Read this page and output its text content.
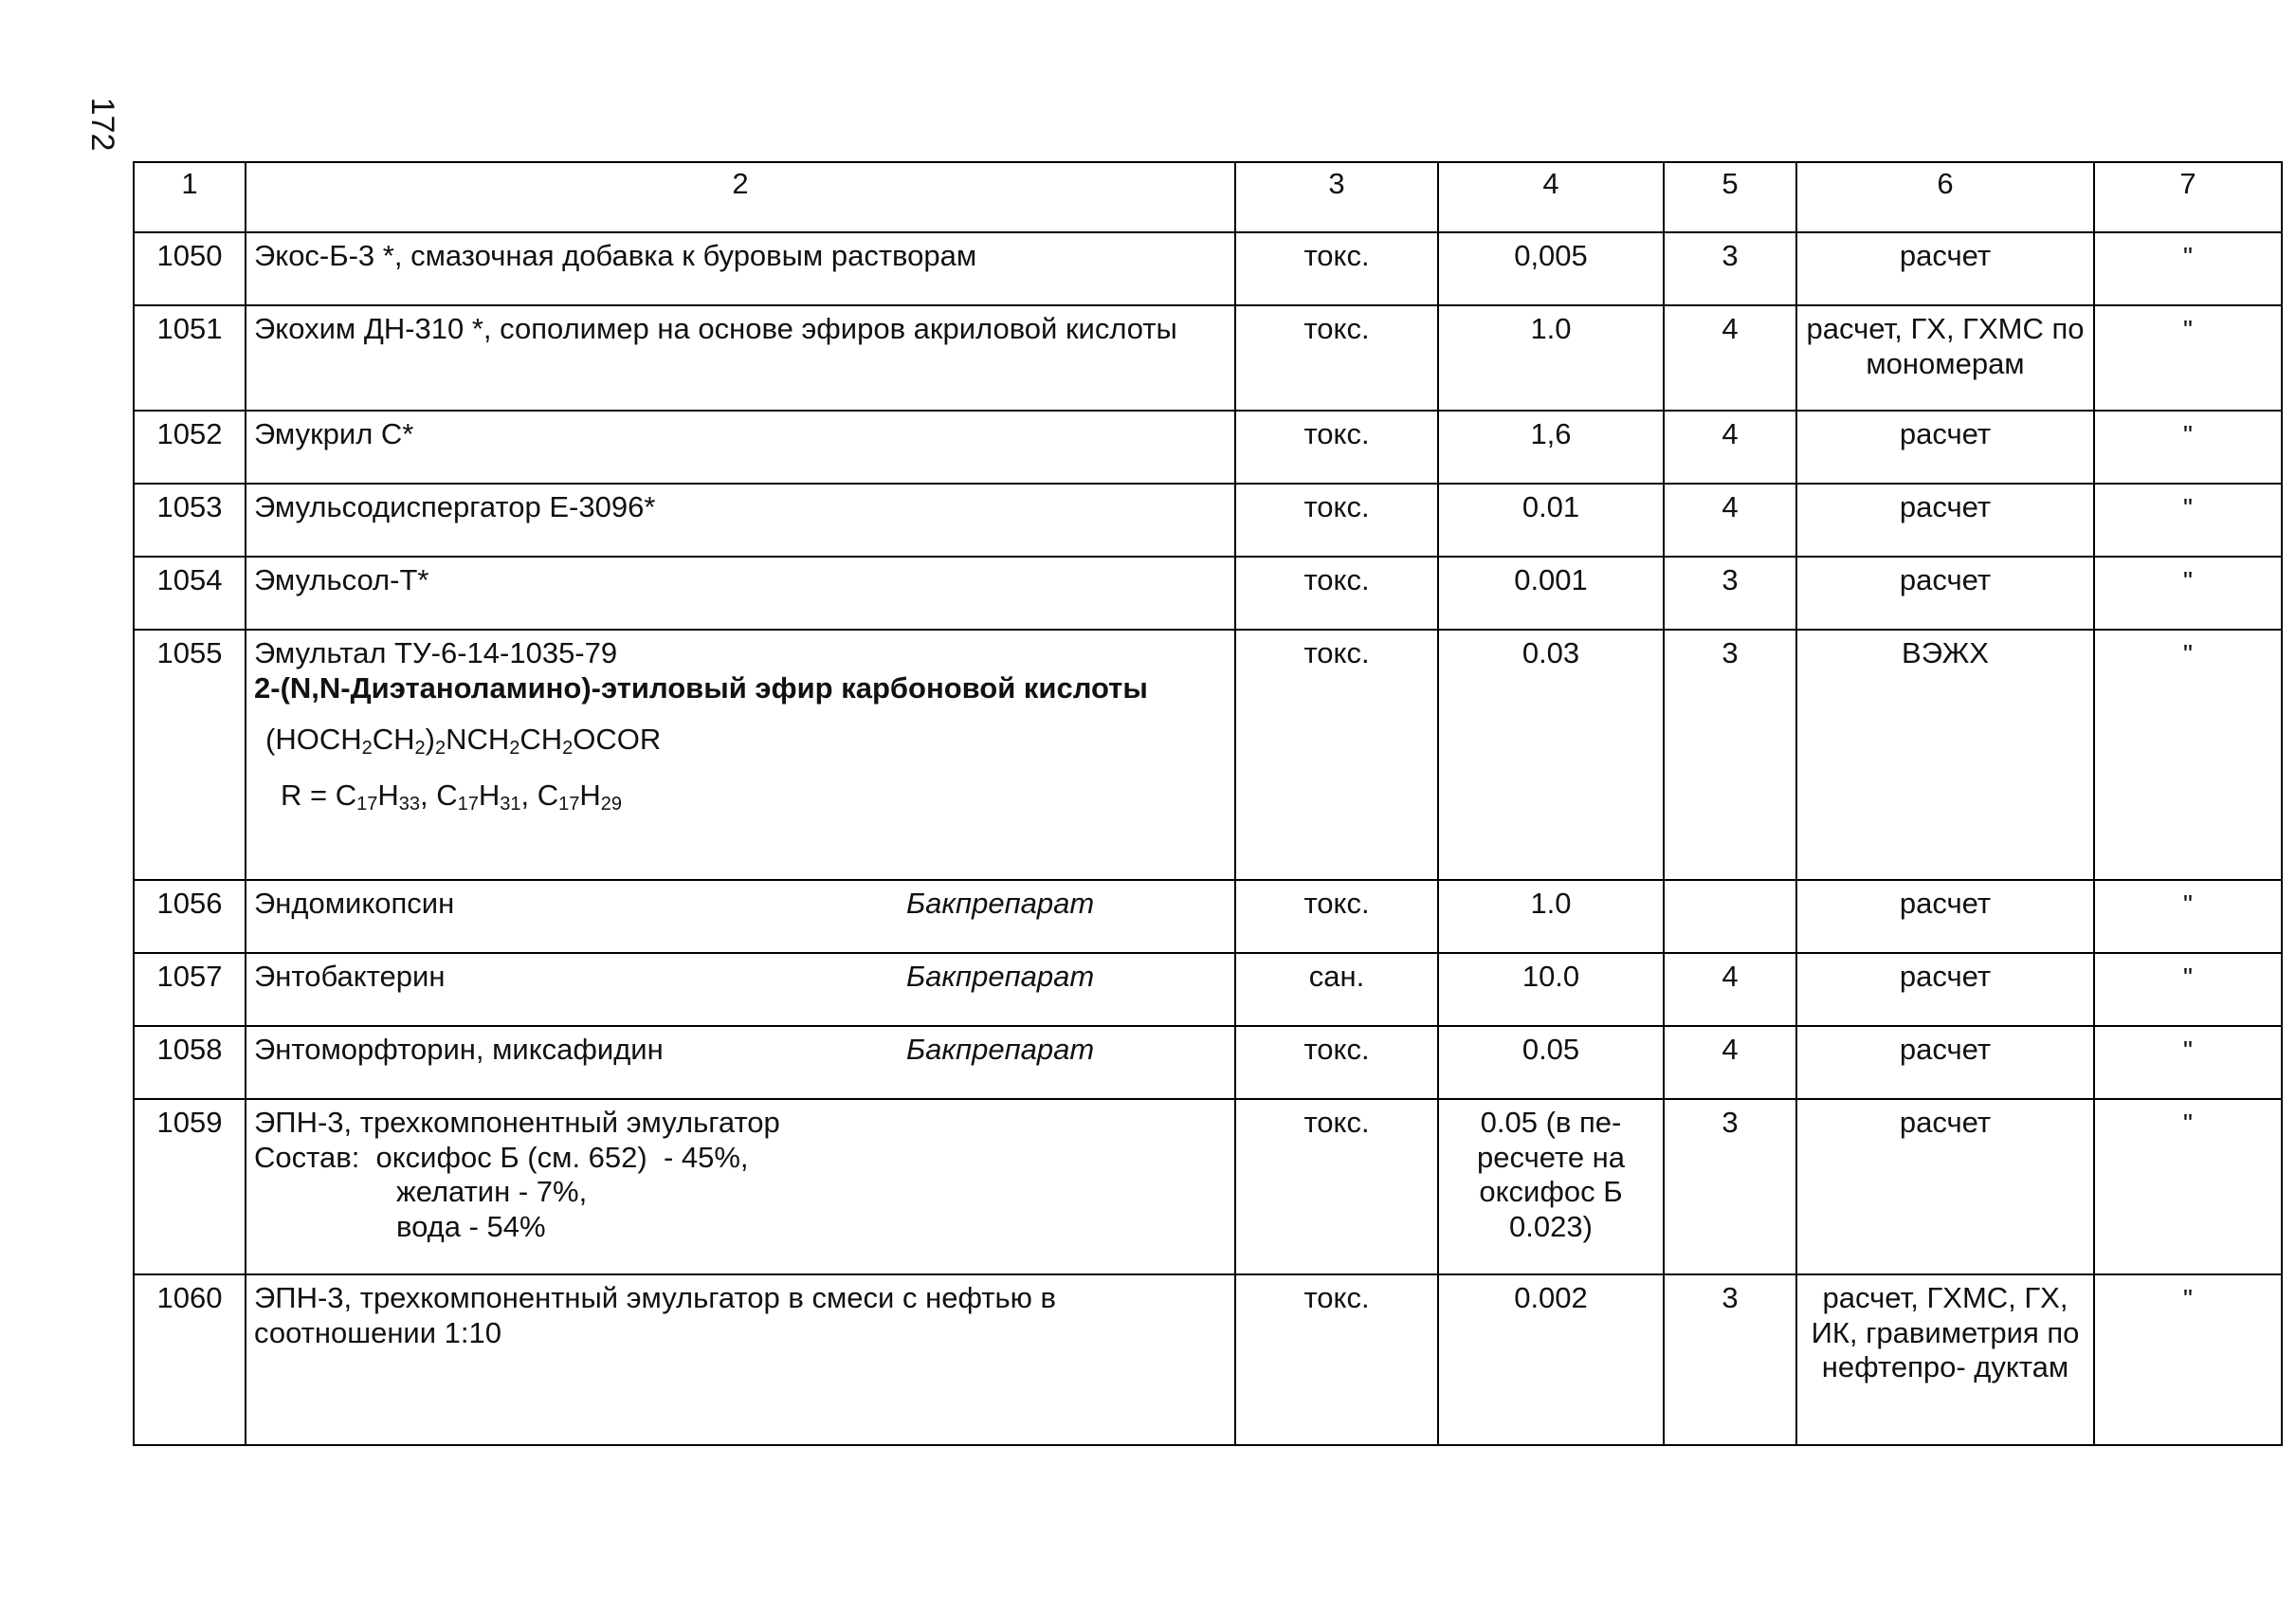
172
1	2	3	4	5	6	7
1050	Экос-Б-3 *, смазочная добавка к буровым растворам	токс.	0,005	3	расчет	"
1051	Экохим ДН-310 *, сополимер на основе эфиров акриловой кислоты	токс.	1.0	4	расчет, ГХ, ГХМС по мономерам	"
1052	Эмукрил С*	токс.	1,6	4	расчет	"
1053	Эмульсодиспергатор Е-3096*	токс.	0.01	4	расчет	"
1054	Эмульсол-Т*	токс.	0.001	3	расчет	"
1055	Эмультал ТУ-6-14-1035-79
2-(N,N-Диэтаноламино)-этиловый эфир карбоновой кислоты
$(HOCH_2CH_2)_2NCH_2CH_2OCOR$
$R = C_{17}H_{33}$, $C_{17}H_{31}$, $C_{17}H_{29}$	токс.	0.03	3	ВЭЖХ	"
1056	Эндомикопсин Бакпрепарат	токс.	1.0		расчет	"
1057	Энтобактерин Бакпрепарат	сан.	10.0	4	расчет	"
1058	Энтоморфторин, миксафидин Бакпрепарат	токс.	0.05	4	расчет	"
1059	ЭПН-3, трехкомпонентный эмульгатор
Состав:  оксифос Б (см. 652)  - 45%,
желатин - 7%,
вода - 54%	токс.	0.05 (в пе- ресчете на оксифос Б 0.023)	3	расчет	"
1060	ЭПН-3, трехкомпонентный эмульгатор в смеси с нефтью в соотношении 1:10	токс.	0.002	3	расчет, ГХМС, ГХ, ИК, гравиметрия по нефтепро- дуктам	"
